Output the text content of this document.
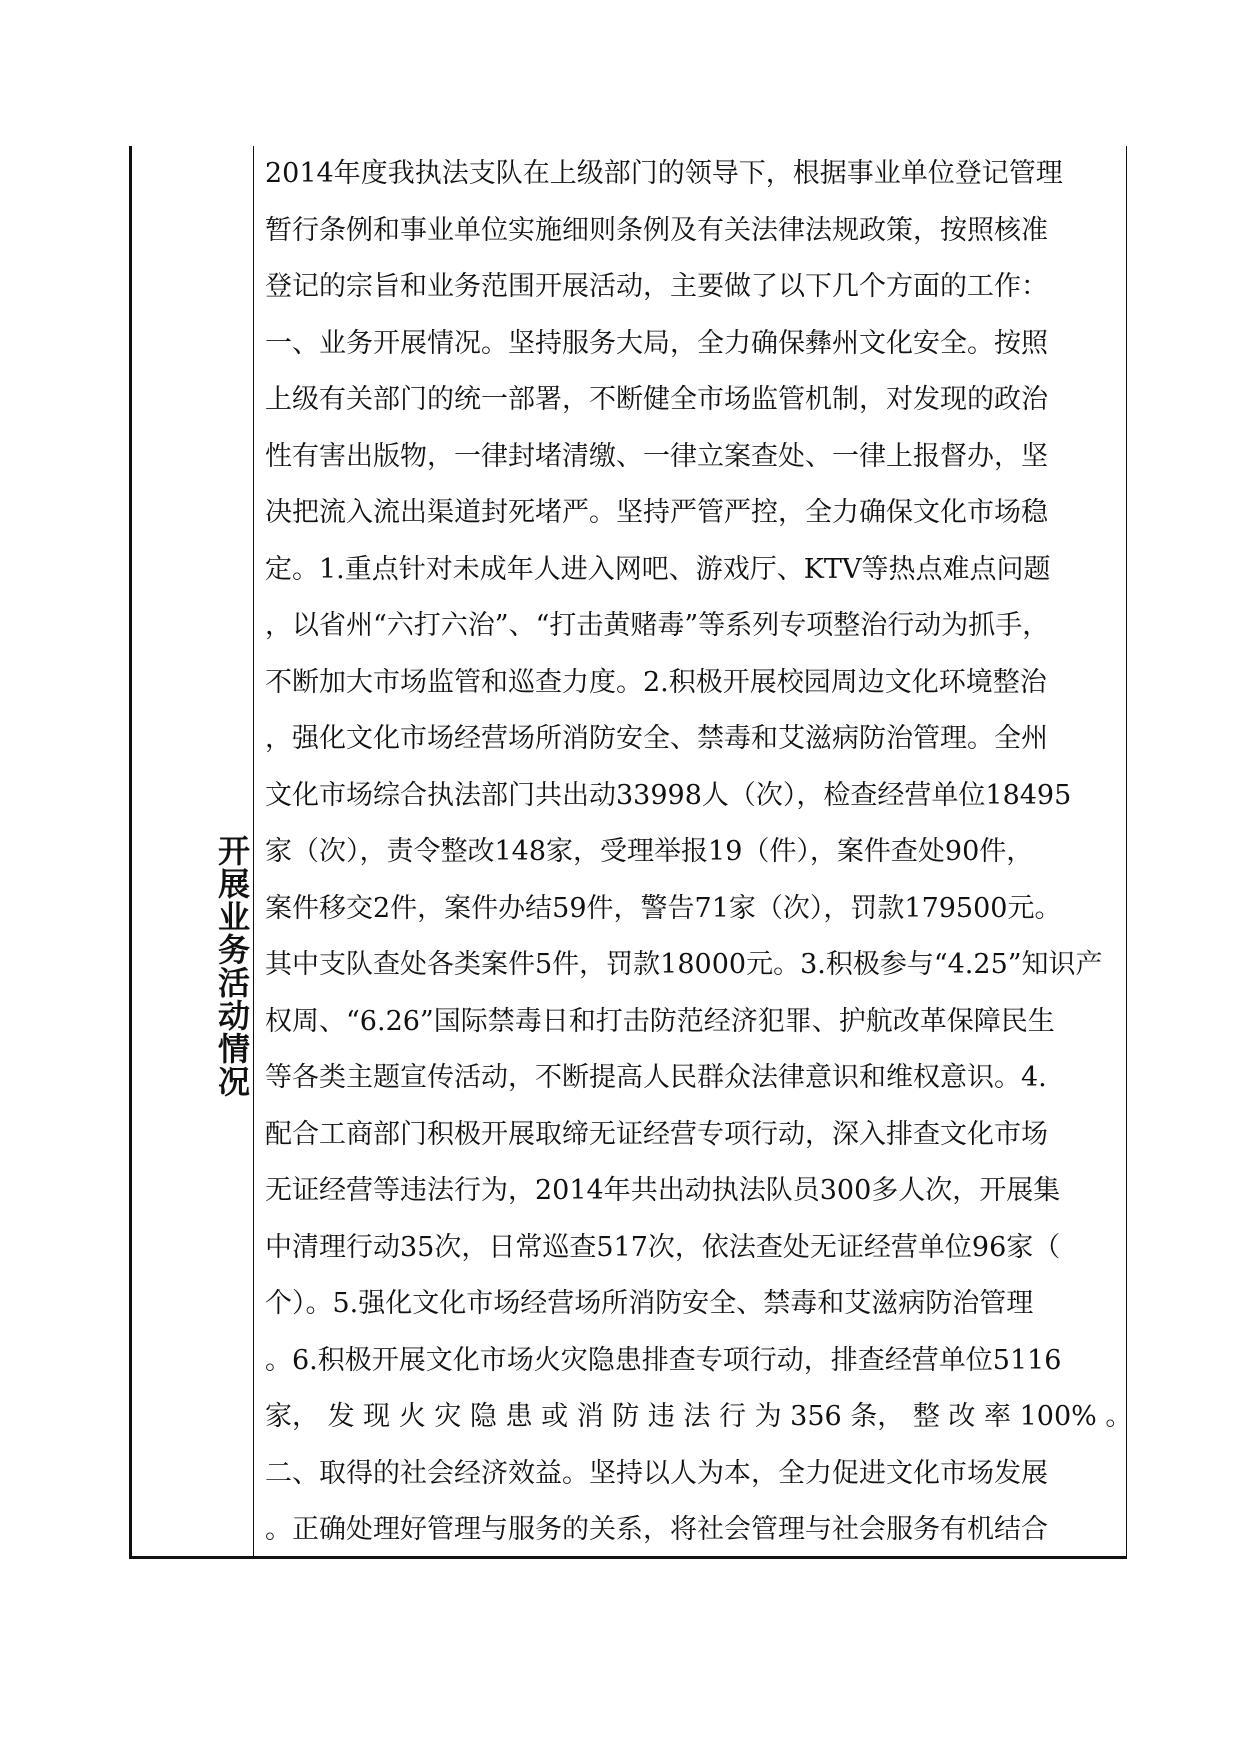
开展业务活动情况
2014年度我执法支队在上级部门的领导下，根据事业单位登记管理
暂行条例和事业单位实施细则条例及有关法律法规政策，按照核准
登记的宗旨和业务范围开展活动，主要做了以下几个方面的工作：
一、业务开展情况。坚持服务大局，全力确保彝州文化安全。按照
上级有关部门的统一部署，不断健全市场监管机制，对发现的政治
性有害出版物，一律封堵清缴、一律立案查处、一律上报督办，坚
决把流入流出渠道封死堵严。坚持严管严控，全力确保文化市场稳
定。1.重点针对未成年人进入网吧、游戏厅、KTV等热点难点问题
，以省州“六打六治”、“打击黄赌毒”等系列专项整治行动为抓手，
不断加大市场监管和巡查力度。2.积极开展校园周边文化环境整治
，强化文化市场经营场所消防安全、禁毒和艾滋病防治管理。全州
文化市场综合执法部门共出动33998人（次），检查经营单位18495
家（次），责令整改148家，受理举报19（件），案件查处90件，
案件移交2件，案件办结59件，警告71家（次），罚款179500元。
其中支队查处各类案件5件，罚款18000元。3.积极参与“4.25”知识产
权周、“6.26”国际禁毒日和打击防范经济犯罪、护航改革保障民生
等各类主题宣传活动，不断提高人民群众法律意识和维权意识。4.
配合工商部门积极开展取缔无证经营专项行动，深入排查文化市场
无证经营等违法行为，2014年共出动执法队员300多人次，开展集
中清理行动35次，日常巡查517次，依法查处无证经营单位96家（
个）。5.强化文化市场经营场所消防安全、禁毒和艾滋病防治管理
。6.积极开展文化市场火灾隐患排查专项行动，排查经营单位5116
家， 发 现 火 灾 隐 患 或 消 防 违 法 行 为 356 条， 整 改 率 100% 。
二、取得的社会经济效益。坚持以人为本，全力促进文化市场发展
。正确处理好管理与服务的关系，将社会管理与社会服务有机结合
